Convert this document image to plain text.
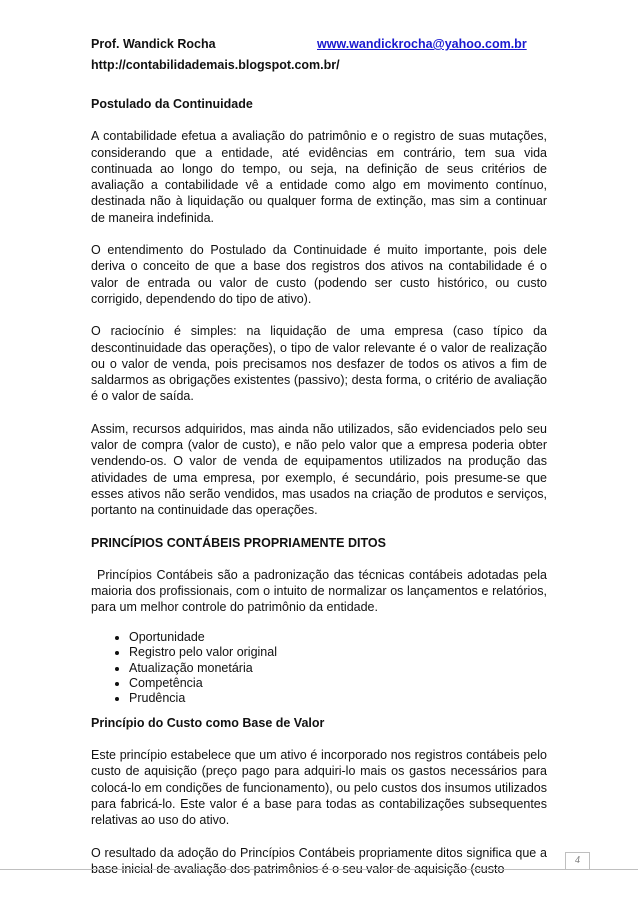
Prof. Wandick Rocha	www.wandickrocha@yahoo.com.br
http://contabilidademais.blogspot.com.br/
Postulado da Continuidade

A contabilidade efetua a avaliação do patrimônio e o registro de suas mutações, considerando que a entidade, até evidências em contrário, tem sua vida continuada ao longo do tempo, ou seja, na definição de seus critérios de avaliação a contabilidade vê a entidade como algo em movimento contínuo, destinada não à liquidação ou qualquer forma de extinção, mas sim a continuar de maneira indefinida.

O entendimento do Postulado da Continuidade é muito importante, pois dele deriva o conceito de que a base dos registros dos ativos na contabilidade é o valor de entrada ou valor de custo (podendo ser custo histórico, ou custo corrigido, dependendo do tipo de ativo).

O raciocínio é simples: na liquidação de uma empresa (caso típico da descontinuidade das operações), o tipo de valor relevante é o valor de realização ou o valor de venda, pois precisamos nos desfazer de todos os ativos a fim de saldarmos as obrigações existentes (passivo); desta forma, o critério de avaliação é o valor de saída.

Assim, recursos adquiridos, mas ainda não utilizados, são evidenciados pelo seu valor de compra (valor de custo), e não pelo valor que a empresa poderia obter vendendo-os. O valor de venda de equipamentos utilizados na produção das atividades de uma empresa, por exemplo, é secundário, pois presume-se que esses ativos não serão vendidos, mas usados na criação de produtos e serviços, portanto na continuidade das operações.

PRINCÍPIOS CONTÁBEIS PROPRIAMENTE DITOS

Princípios Contábeis são a padronização das técnicas contábeis adotadas pela maioria dos profissionais, com o intuito de normalizar os lançamentos e relatórios, para um melhor controle do patrimônio da entidade.

• Oportunidade
• Registro pelo valor original
• Atualização monetária
• Competência
• Prudência
Princípio do Custo como Base de Valor

Este princípio estabelece que um ativo é incorporado nos registros contábeis pelo custo de aquisição (preço pago para adquiri-lo mais os gastos necessários para colocá-lo em condições de funcionamento), ou pelo custos dos insumos utilizados para fabricá-lo. Este valor é a base para todas as contabilizações subsequentes relativas ao uso do ativo.

O resultado da adoção do Princípios Contábeis propriamente ditos significa que a base inicial de avaliação dos patrimônios é o seu valor de aquisição (custo

4
